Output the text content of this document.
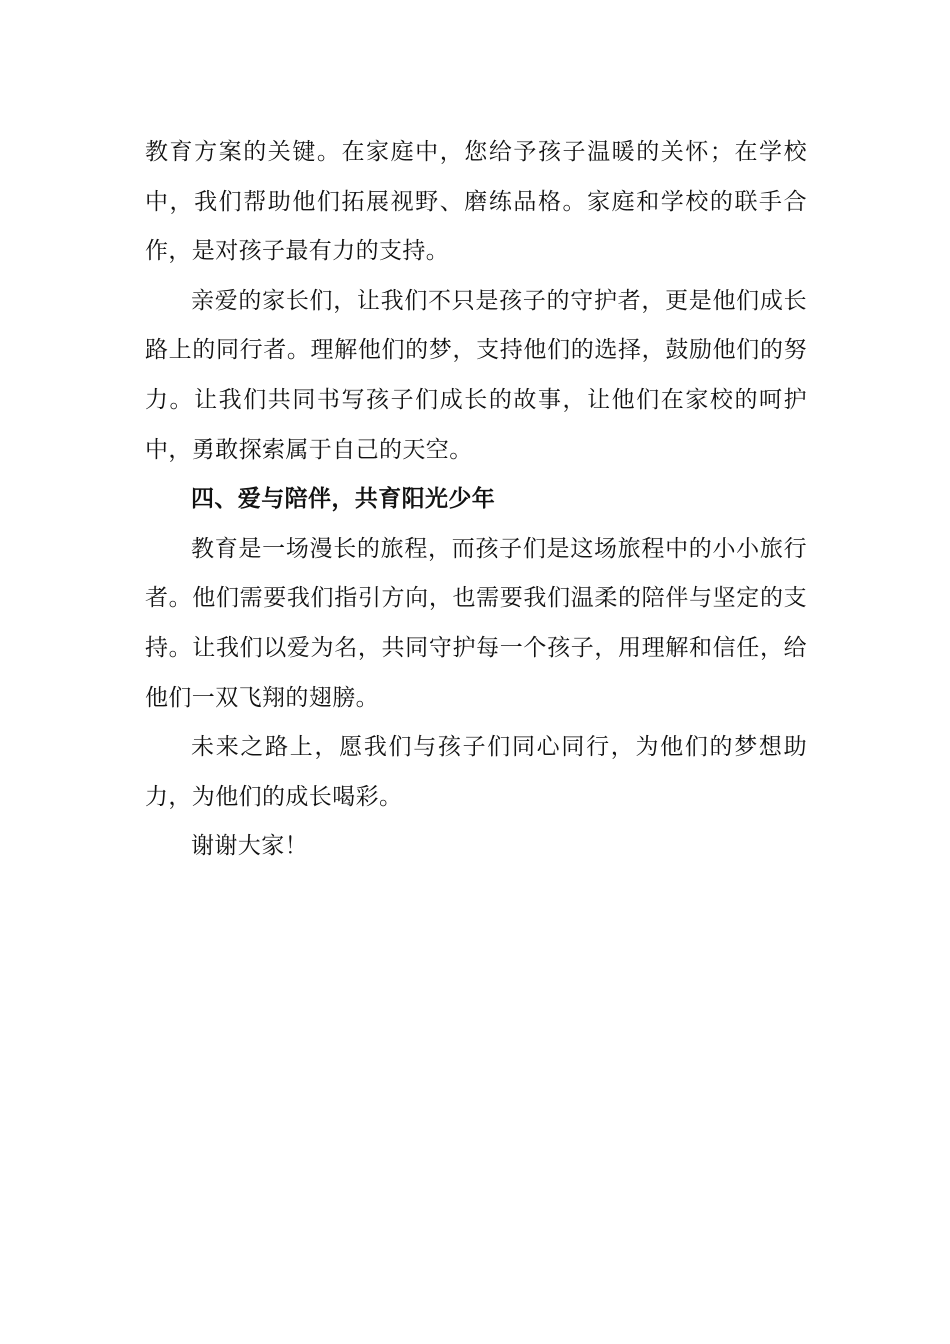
教育方案的关键。在家庭中，您给予孩子温暖的关怀；在学校中，我们帮助他们拓展视野、磨练品格。家庭和学校的联手合作，是对孩子最有力的支持。

亲爱的家长们，让我们不只是孩子的守护者，更是他们成长路上的同行者。理解他们的梦，支持他们的选择，鼓励他们的努力。让我们共同书写孩子们成长的故事，让他们在家校的呵护中，勇敢探索属于自己的天空。

四、爱与陪伴，共育阳光少年

教育是一场漫长的旅程，而孩子们是这场旅程中的小小旅行者。他们需要我们指引方向，也需要我们温柔的陪伴与坚定的支持。让我们以爱为名，共同守护每一个孩子，用理解和信任，给他们一双飞翔的翅膀。

未来之路上，愿我们与孩子们同心同行，为他们的梦想助力，为他们的成长喝彩。

谢谢大家！
